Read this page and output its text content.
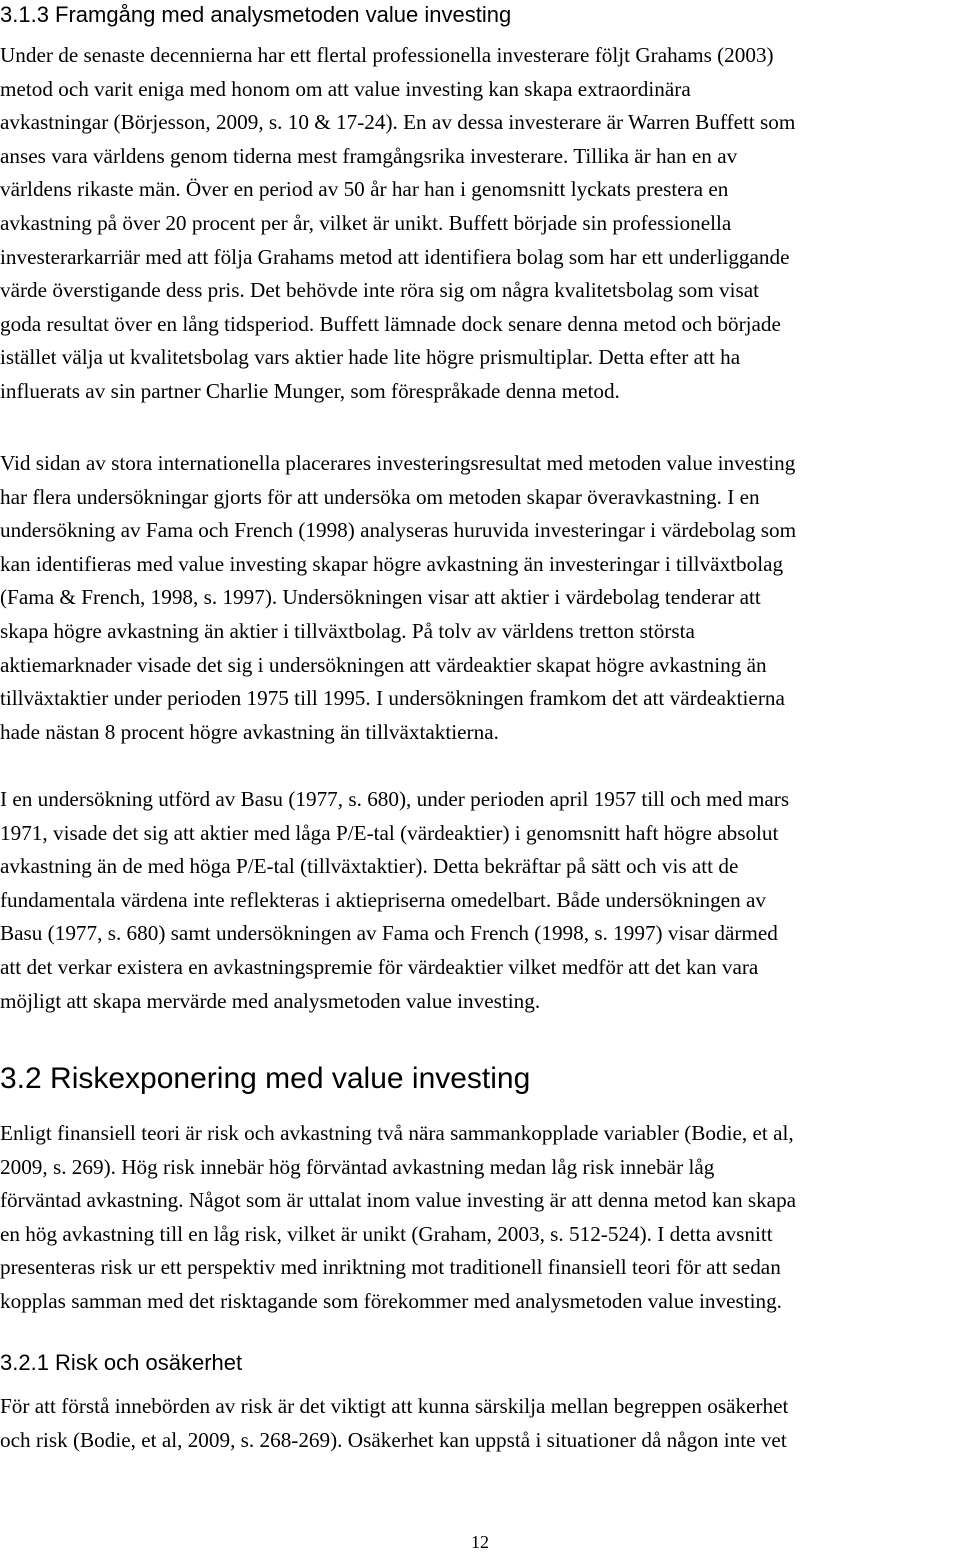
3.1.3 Framgång med analysmetoden value investing

Under de senaste decennierna har ett flertal professionella investerare följt Grahams (2003)
metod och varit eniga med honom om att value investing kan skapa extraordinära
avkastningar (Börjesson, 2009, s. 10 & 17-24). En av dessa investerare är Warren Buffett som
anses vara världens genom tiderna mest framgångsrika investerare. Tillika är han en av
världens rikaste män. Över en period av 50 år har han i genomsnitt lyckats prestera en
avkastning på över 20 procent per år, vilket är unikt. Buffett började sin professionella
investerarkarriär med att följa Grahams metod att identifiera bolag som har ett underliggande
värde överstigande dess pris. Det behövde inte röra sig om några kvalitetsbolag som visat
goda resultat över en lång tidsperiod. Buffett lämnade dock senare denna metod och började
istället välja ut kvalitetsbolag vars aktier hade lite högre prismultiplar. Detta efter att ha
influerats av sin partner Charlie Munger, som förespråkade denna metod.

Vid sidan av stora internationella placerares investeringsresultat med metoden value investing
har flera undersökningar gjorts för att undersöka om metoden skapar överavkastning. I en
undersökning av Fama och French (1998) analyseras huruvida investeringar i värdebolag som
kan identifieras med value investing skapar högre avkastning än investeringar i tillväxtbolag
(Fama & French, 1998, s. 1997). Undersökningen visar att aktier i värdebolag tenderar att
skapa högre avkastning än aktier i tillväxtbolag. På tolv av världens tretton största
aktiemarknader visade det sig i undersökningen att värdeaktier skapat högre avkastning än
tillväxtaktier under perioden 1975 till 1995. I undersökningen framkom det att värdeaktierna
hade nästan 8 procent högre avkastning än tillväxtaktierna.

I en undersökning utförd av Basu (1977, s. 680), under perioden april 1957 till och med mars
1971, visade det sig att aktier med låga P/E-tal (värdeaktier) i genomsnitt haft högre absolut
avkastning än de med höga P/E-tal (tillväxtaktier). Detta bekräftar på sätt och vis att de
fundamentala värdena inte reflekteras i aktiepriserna omedelbart. Både undersökningen av
Basu (1977, s. 680) samt undersökningen av Fama och French (1998, s. 1997) visar därmed
att det verkar existera en avkastningspremie för värdeaktier vilket medför att det kan vara
möjligt att skapa mervärde med analysmetoden value investing.

3.2 Riskexponering med value investing

Enligt finansiell teori är risk och avkastning två nära sammankopplade variabler (Bodie, et al,
2009, s. 269). Hög risk innebär hög förväntad avkastning medan låg risk innebär låg
förväntad avkastning. Något som är uttalat inom value investing är att denna metod kan skapa
en hög avkastning till en låg risk, vilket är unikt (Graham, 2003, s. 512-524). I detta avsnitt
presenteras risk ur ett perspektiv med inriktning mot traditionell finansiell teori för att sedan
kopplas samman med det risktagande som förekommer med analysmetoden value investing.

3.2.1 Risk och osäkerhet

För att förstå innebörden av risk är det viktigt att kunna särskilja mellan begreppen osäkerhet
och risk (Bodie, et al, 2009, s. 268-269). Osäkerhet kan uppstå i situationer då någon inte vet

12
